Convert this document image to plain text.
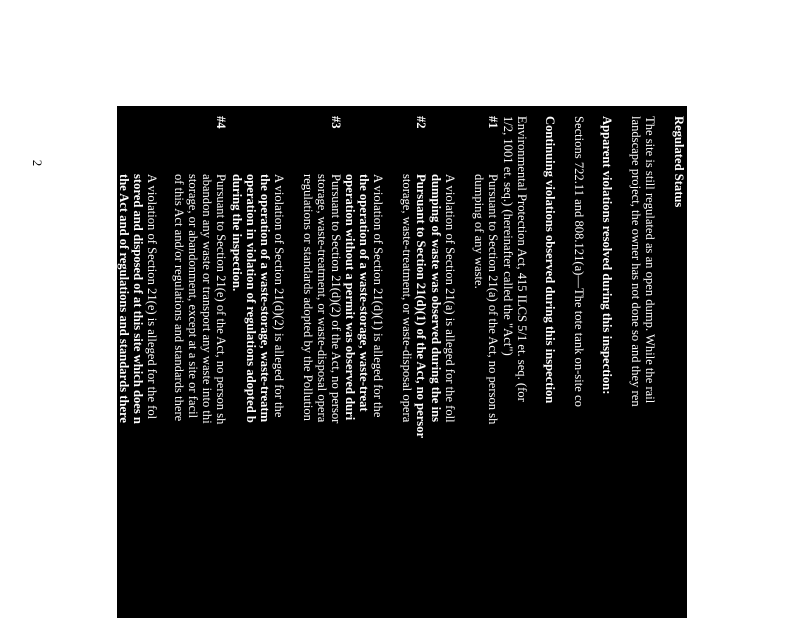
2	Regulated Status
The site is still regulated as an open dump. While the rail
landscape project, the owner has not done so and they ren
Apparent violations resolved during this inspection:
Sections 722.11 and 808.121(a)—The tote tank on-site co
Continuing violations observed during this inspection
Environmental Protection Act, 415 ILCS 5/1 et. seq. (for
1/2, 1001 et. seq.) (hereinafter called the "Act")
#1
Pursuant to Section 21(a) of the Act, no person sh
dumping of any waste.
A violation of Section 21(a) is alleged for the foll
dumping of waste was observed during the ins
#2
Pursuant to Section 21(d)(1) of the Act, no persor
storage, waste-treatment, or waste-disposal opera
A violation of Section 21(d)(1) is alleged for the
the operation of a waste-storage, waste-treat
operation without a permit was observed duri
#3
Pursuant to Section 21(d)(2) of the Act, no persor
storage, waste-treatment, or waste-disposal opera
regulations or standards adopted by the Pollution
A violation of Section 21(d)(2) is alleged for the
the operation of a waste-storage, waste-treatm
operation in violation of regulations adopted b
during the inspection.
#4
Pursuant to Section 21(e) of the Act, no person sh
abandon any waste or transport any waste into thi
storage, or abandonment, except at a site or facil
of this Act and/or regulations and standards there
A violation of Section 21(e) is alleged for the fol
stored and disposed of at this site which does n
the Act and of regulations and standards there
